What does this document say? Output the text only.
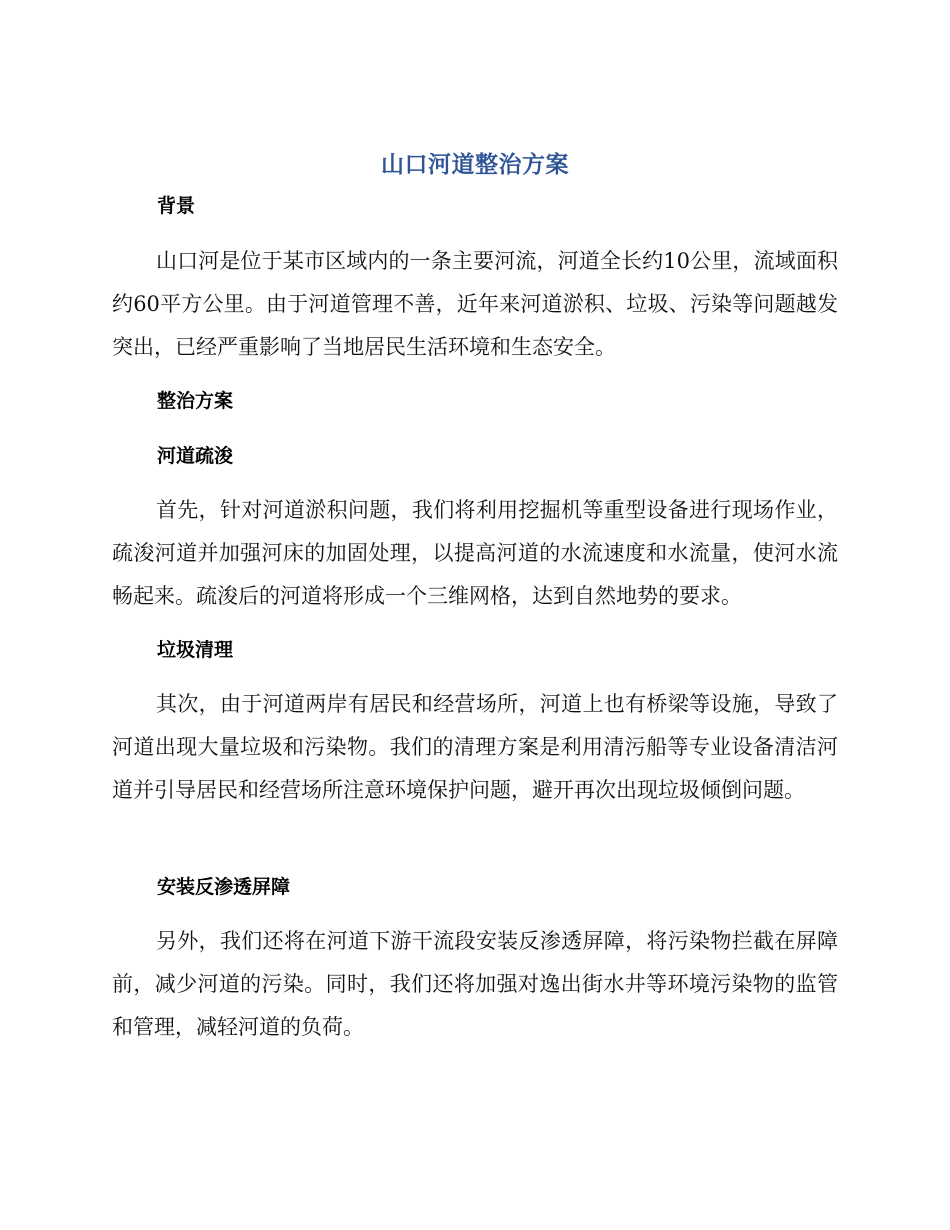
山口河道整治方案
背景

山口河是位于某市区域内的一条主要河流，河道全长约10公里，流域面积约60平方公里。由于河道管理不善，近年来河道淤积、垃圾、污染等问题越发突出，已经严重影响了当地居民生活环境和生态安全。

整治方案
河道疏浚

首先，针对河道淤积问题，我们将利用挖掘机等重型设备进行现场作业，疏浚河道并加强河床的加固处理，以提高河道的水流速度和水流量，使河水流畅起来。疏浚后的河道将形成一个三维网格，达到自然地势的要求。

垃圾清理

其次，由于河道两岸有居民和经营场所，河道上也有桥梁等设施，导致了河道出现大量垃圾和污染物。我们的清理方案是利用清污船等专业设备清洁河道并引导居民和经营场所注意环境保护问题，避开再次出现垃圾倾倒问题。

安装反渗透屏障

另外，我们还将在河道下游干流段安装反渗透屏障，将污染物拦截在屏障前，减少河道的污染。同时，我们还将加强对逸出街水井等环境污染物的监管和管理，减轻河道的负荷。
